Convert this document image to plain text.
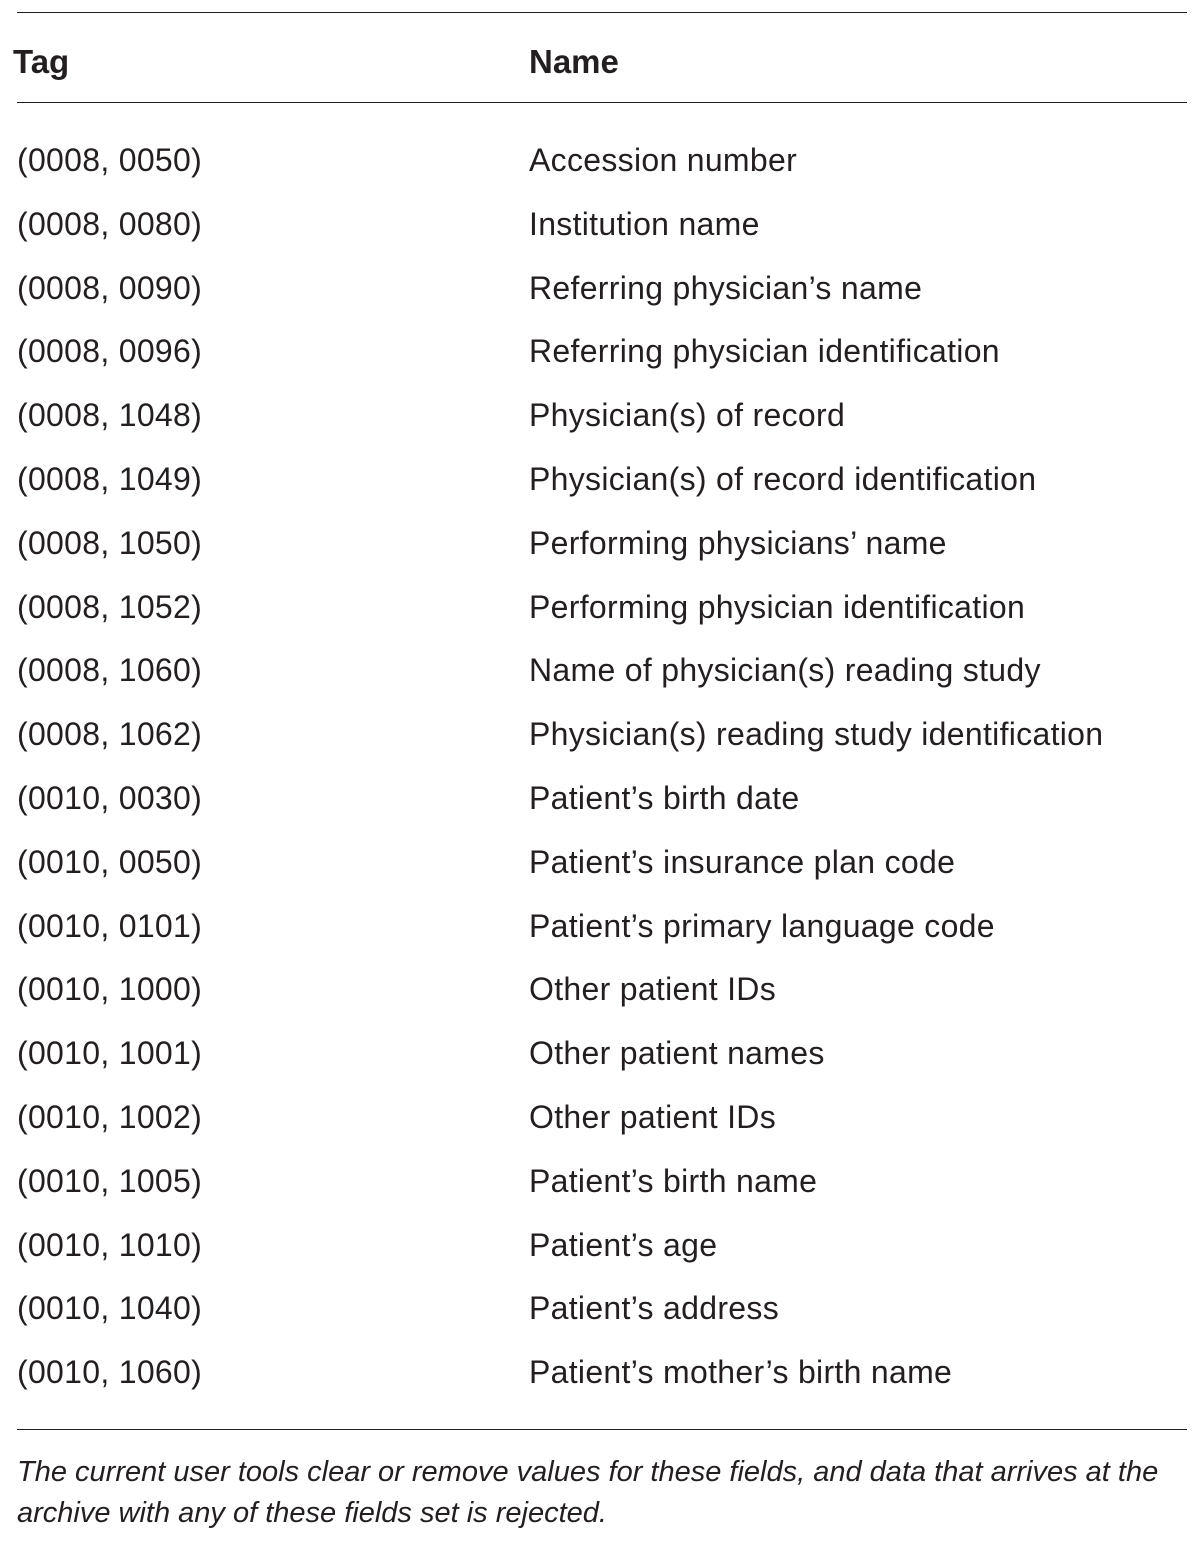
Tag	Name
(0008, 0050)	Accession number
(0008, 0080)	Institution name
(0008, 0090)	Referring physician’s name
(0008, 0096)	Referring physician identification
(0008, 1048)	Physician(s) of record
(0008, 1049)	Physician(s) of record identification
(0008, 1050)	Performing physicians’ name
(0008, 1052)	Performing physician identification
(0008, 1060)	Name of physician(s) reading study
(0008, 1062)	Physician(s) reading study identification
(0010, 0030)	Patient’s birth date
(0010, 0050)	Patient’s insurance plan code
(0010, 0101)	Patient’s primary language code
(0010, 1000)	Other patient IDs
(0010, 1001)	Other patient names
(0010, 1002)	Other patient IDs
(0010, 1005)	Patient’s birth name
(0010, 1010)	Patient’s age
(0010, 1040)	Patient’s address
(0010, 1060)	Patient’s mother’s birth name

The current user tools clear or remove values for these fields, and data that arrives at the archive with any of these fields set is rejected.
